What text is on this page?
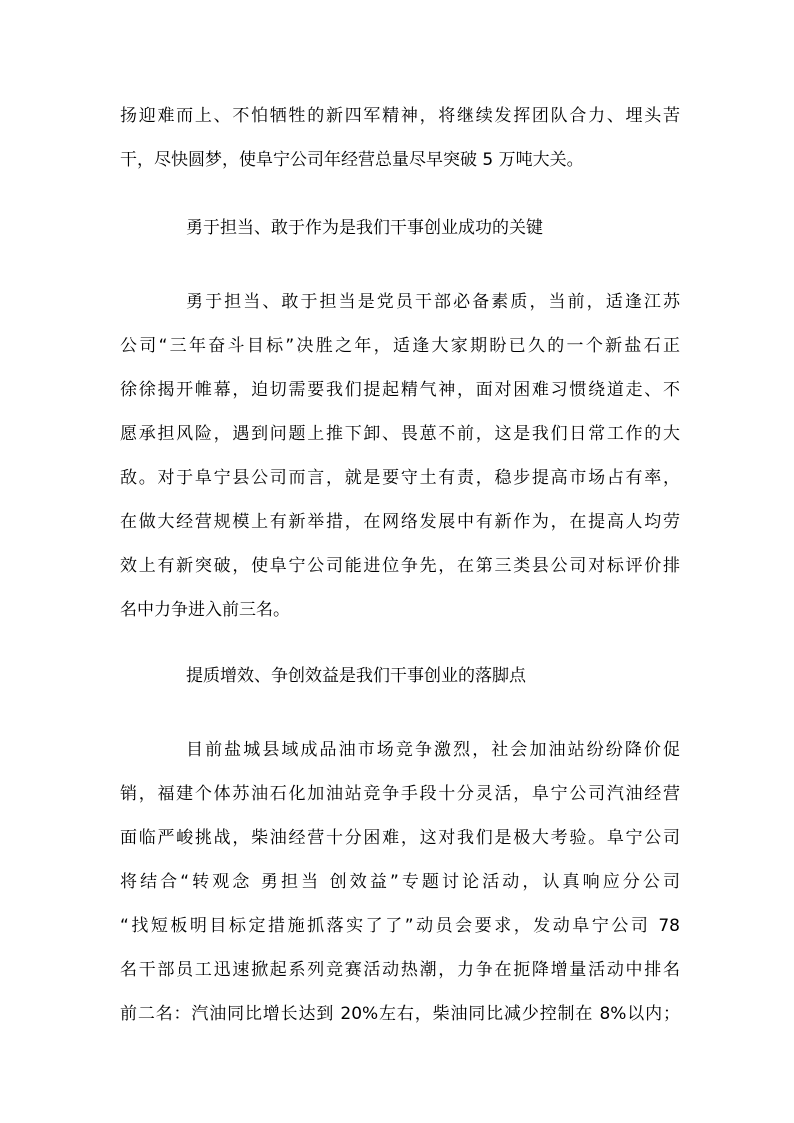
扬迎难而上、不怕牺牲的新四军精神，将继续发挥团队合力、埋头苦
干，尽快圆梦，使阜宁公司年经营总量尽早突破 5 万吨大关。
勇于担当、敢于作为是我们干事创业成功的关键
勇于担当、敢于担当是党员干部必备素质，当前，适逢江苏
公司“三年奋斗目标”决胜之年，适逢大家期盼已久的一个新盐石正
徐徐揭开帷幕，迫切需要我们提起精气神，面对困难习惯绕道走、不
愿承担风险，遇到问题上推下卸、畏葸不前，这是我们日常工作的大
敌。对于阜宁县公司而言，就是要守土有责，稳步提高市场占有率，
在做大经营规模上有新举措，在网络发展中有新作为，在提高人均劳
效上有新突破，使阜宁公司能进位争先，在第三类县公司对标评价排
名中力争进入前三名。
提质增效、争创效益是我们干事创业的落脚点
目前盐城县域成品油市场竞争激烈，社会加油站纷纷降价促
销，福建个体苏油石化加油站竞争手段十分灵活，阜宁公司汽油经营
面临严峻挑战，柴油经营十分困难，这对我们是极大考验。阜宁公司
将结合“转观念 勇担当 创效益”专题讨论活动，认真响应分公司
“找短板明目标定措施抓落实了了”动员会要求，发动阜宁公司 78
名干部员工迅速掀起系列竞赛活动热潮，力争在扼降增量活动中排名
前二名：汽油同比增长达到 20%左右，柴油同比减少控制在 8%以内；
